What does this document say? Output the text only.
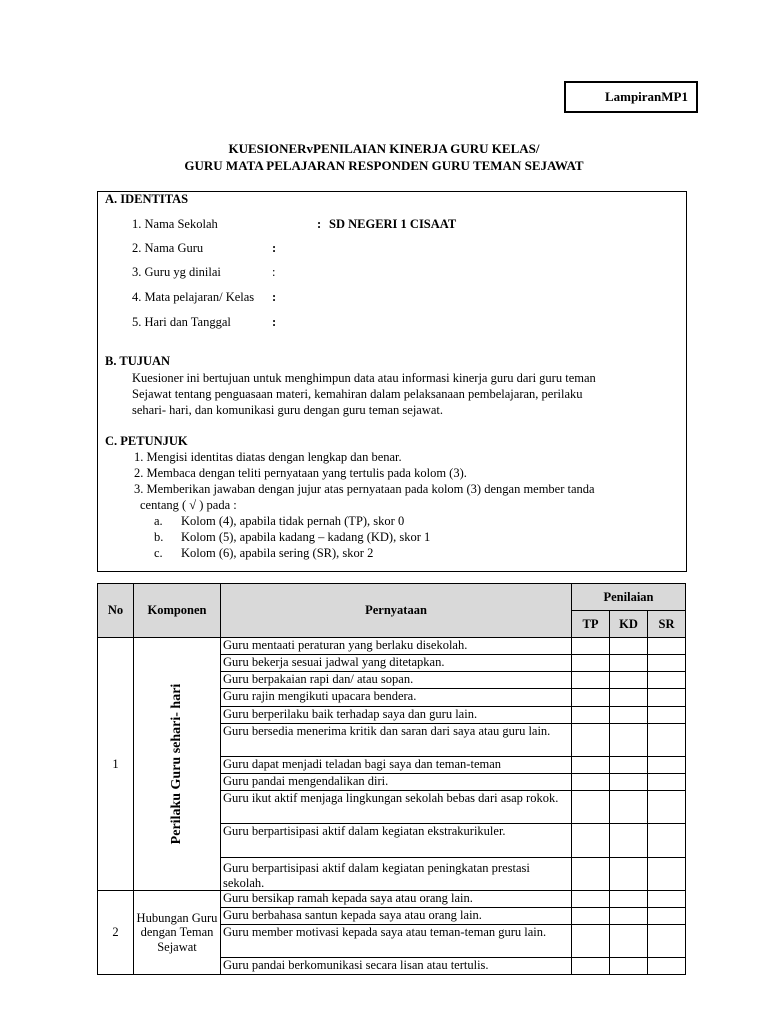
LampiranMP1
KUESIONERvPENILAIAN KINERJA GURU KELAS/
GURU MATA PELAJARAN RESPONDEN GURU TEMAN SEJAWAT
A. IDENTITAS
1. Nama Sekolah	: SD NEGERI 1 CISAAT
2. Nama Guru	:
3. Guru yg dinilai	:
4. Mata pelajaran/ Kelas :
5. Hari dan Tanggal	:
B. TUJUAN
Kuesioner ini bertujuan untuk menghimpun data atau informasi kinerja guru dari guru teman
Sejawat tentang penguasaan materi, kemahiran dalam pelaksanaan pembelajaran, perilaku
sehari- hari, dan komunikasi guru dengan guru teman sejawat.
C. PETUNJUK
1. Mengisi identitas diatas dengan lengkap dan benar.
2. Membaca dengan teliti pernyataan yang tertulis pada kolom (3).
3. Memberikan jawaban dengan jujur atas pernyataan pada kolom (3) dengan member tanda
centang ( √ ) pada :
a. Kolom (4), apabila tidak pernah (TP), skor 0
b. Kolom (5), apabila kadang – kadang (KD), skor 1
c. Kolom (6), apabila sering (SR), skor 2
No	Komponen	Pernyataan	Penilaian		
			TP	KD	SR
1	Perilaku Guru sehari- hari	Guru mentaati peraturan yang berlaku disekolah.			
		Guru bekerja sesuai jadwal yang ditetapkan.			
		Guru berpakaian rapi dan/ atau sopan.			
		Guru rajin mengikuti upacara bendera.			
		Guru berperilaku baik terhadap saya dan guru lain.			
		Guru bersedia menerima kritik dan saran dari saya atau guru lain.			
		Guru dapat menjadi teladan bagi saya dan teman-teman			
		Guru pandai mengendalikan diri.			
		Guru ikut aktif menjaga lingkungan sekolah bebas dari asap rokok.			
		Guru berpartisipasi aktif dalam kegiatan ekstrakurikuler.			
		Guru berpartisipasi aktif dalam kegiatan peningkatan prestasi sekolah.			
2	Hubungan Guru dengan Teman Sejawat	Guru bersikap ramah kepada saya atau orang lain.			
		Guru berbahasa santun kepada saya atau orang lain.			
		Guru member motivasi kepada saya atau teman-teman guru lain.			
		Guru pandai berkomunikasi secara lisan atau tertulis.			
